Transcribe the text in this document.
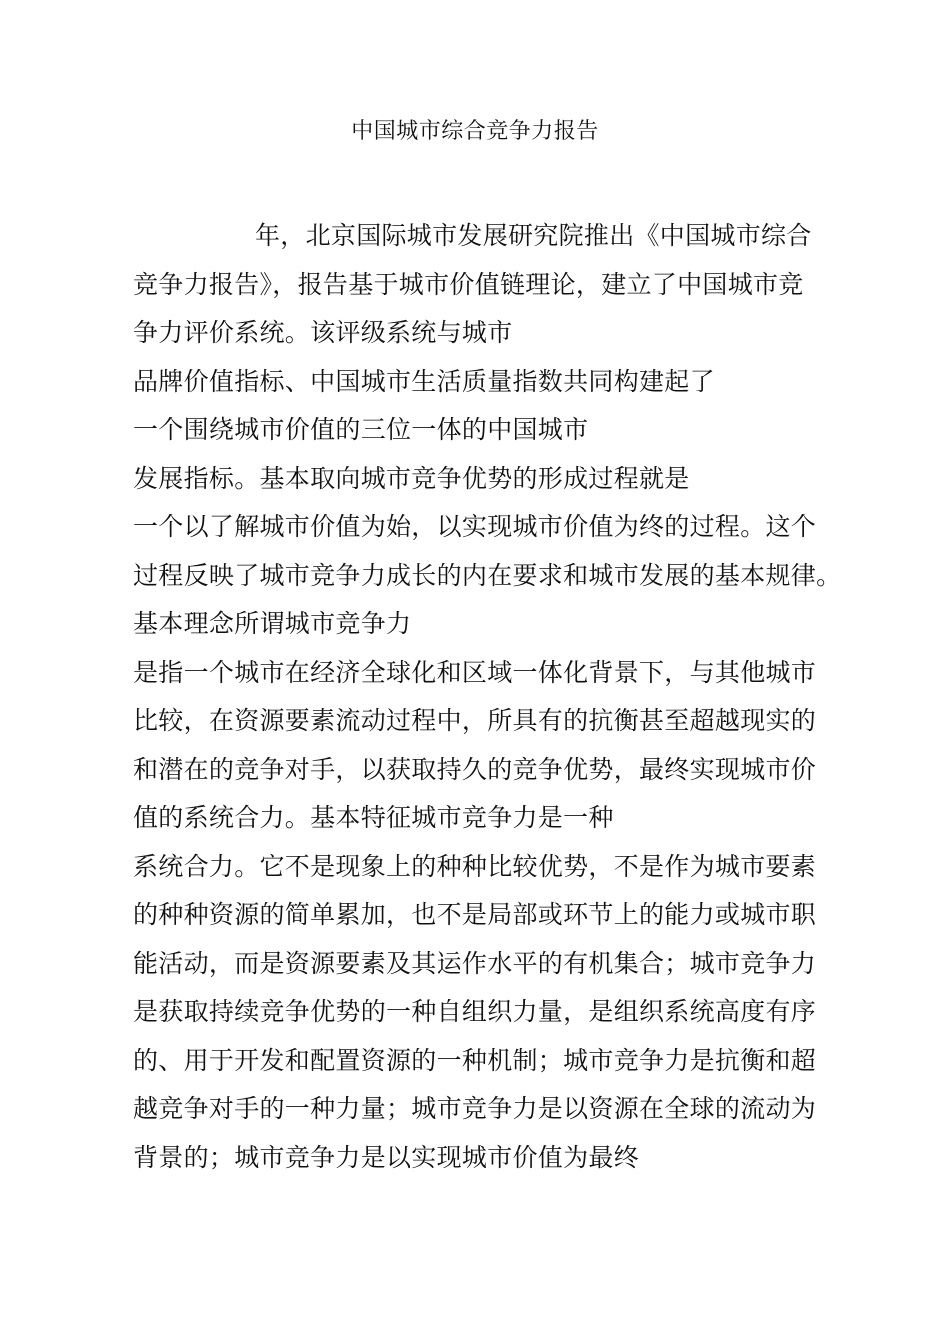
中国城市综合竞争力报告
年，北京国际城市发展研究院推出《中国城市综合
竞争力报告》，报告基于城市价值链理论，建立了中国城市竞
争力评价系统。该评级系统与城市
品牌价值指标、中国城市生活质量指数共同构建起了
一个围绕城市价值的三位一体的中国城市
发展指标。基本取向城市竞争优势的形成过程就是
一个以了解城市价值为始，以实现城市价值为终的过程。这个
过程反映了城市竞争力成长的内在要求和城市发展的基本规律。
基本理念所谓城市竞争力
是指一个城市在经济全球化和区域一体化背景下，与其他城市
比较，在资源要素流动过程中，所具有的抗衡甚至超越现实的
和潜在的竞争对手，以获取持久的竞争优势，最终实现城市价
值的系统合力。基本特征城市竞争力是一种
系统合力。它不是现象上的种种比较优势，不是作为城市要素
的种种资源的简单累加，也不是局部或环节上的能力或城市职
能活动，而是资源要素及其运作水平的有机集合；城市竞争力
是获取持续竞争优势的一种自组织力量，是组织系统高度有序
的、用于开发和配置资源的一种机制；城市竞争力是抗衡和超
越竞争对手的一种力量；城市竞争力是以资源在全球的流动为
背景的；城市竞争力是以实现城市价值为最终
